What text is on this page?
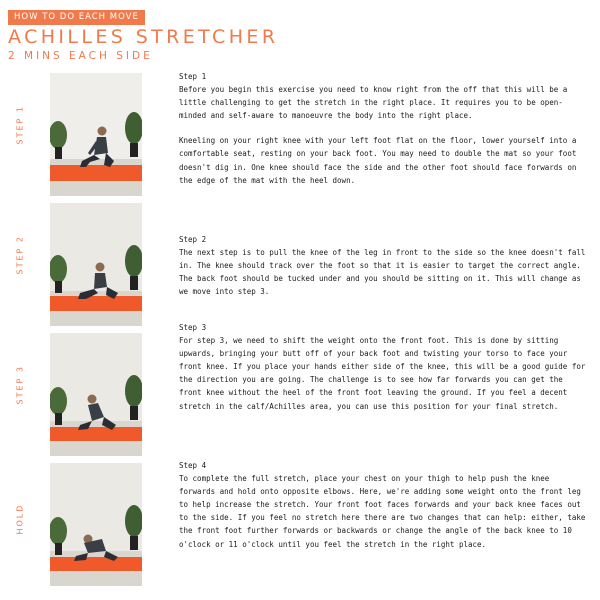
HOW TO DO EACH MOVE
ACHILLES STRETCHER
2 MINS EACH SIDE
STEP 1
STEP 2
STEP 3
HOLD

Step 1

Before you begin this exercise you need to know right from the off that this will be a little challenging to get the stretch in the right place. It requires you to be open-minded and self-aware to manoeuvre the body into the right place.

Kneeling on your right knee with your left foot flat on the floor, lower yourself into a comfortable seat, resting on your back foot. You may need to double the mat so your foot doesn't dig in. One knee should face the side and the other foot should face forwards on the edge of the mat with the heel down.

Step 2

The next step is to pull the knee of the leg in front to the side so the knee doesn't fall in. The knee should track over the foot so that it is easier to target the correct angle. The back foot should be tucked under and you should be sitting on it. This will change as we move into step 3.

Step 3

For step 3, we need to shift the weight onto the front foot. This is done by sitting upwards, bringing your butt off of your back foot and twisting your torso to face your front knee. If you place your hands either side of the knee, this will be a good guide for the direction you are going. The challenge is to see how far forwards you can get the front knee without the heel of the front foot leaving the ground. If you feel a decent stretch in the calf/Achilles area, you can use this position for your final stretch.

Step 4

To complete the full stretch, place your chest on your thigh to help push the knee forwards and hold onto opposite elbows. Here, we're adding some weight onto the front leg to help increase the stretch. Your front foot faces forwards and your back knee faces out to the side. If you feel no stretch here there are two changes that can help: either, take the front foot further forwards or backwards or change the angle of the back knee to 10 o'clock or 11 o'clock until you feel the stretch in the right place.
